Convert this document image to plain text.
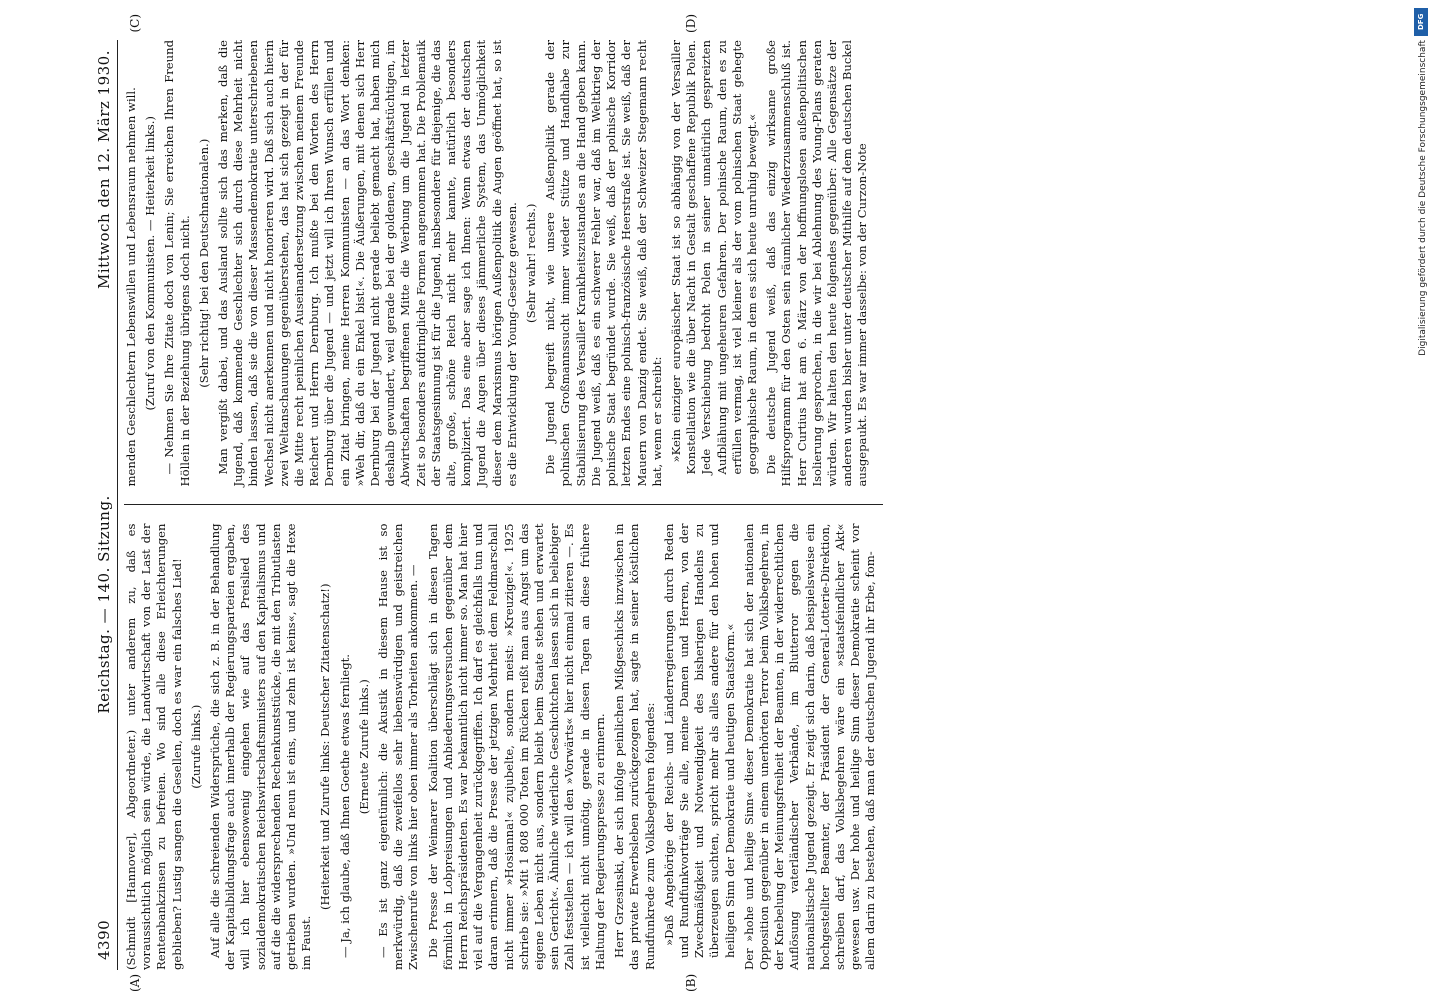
4390
Reichstag. — 140. Sitzung.
Mittwoch den 12. März 1930.
(A)	(B)
(C)	(D)

(Schmidt [Hannover], Abgeordneter.) unter anderem zu, daß es voraussichtlich möglich sein würde, die Landwirtschaft von der Last der Rentenbankzinsen zu befreien. Wo sind alle diese Erleichterungen geblieben? Lustig sangen die Gesellen, doch es war ein falsches Lied! (Zurufe links.) Auf alle die schreienden Widersprüche, die sich z. B. in der Behandlung der Kapitalbildungsfrage auch innerhalb der Regierungsparteien ergaben, will ich hier ebensowenig eingehen wie auf das Preislied des sozialdemokratischen Reichswirtschaftsministers auf den Kapitalismus und auf die die widersprechenden Rechenkunststücke, die mit den Tributlasten getrieben wurden. »Und neun ist eins, und zehn ist keins«, sagt die Hexe im Faust.

(Heiterkeit und Zurufe links: Deutscher Zitatenschatz!) — Ja, ich glaube, daß Ihnen Goethe etwas fernliegt. (Erneute Zurufe links.) — Es ist ganz eigentümlich: die Akustik in diesem Hause ist so merkwürdig, daß die zweifellos sehr liebenswürdigen und geistreichen Zwischenrufe von links hier oben immer als Torheiten ankommen. — Die Presse der Weimarer Koalition überschlägt sich in diesen Tagen förmlich in Lobpreisungen und Anbiederungsversuchen gegenüber dem Herrn Reichspräsidenten. Es war bekanntlich nicht immer so. Man hat hier viel auf die Vergangenheit zurückgegriffen. Ich darf es gleichfalls tun und daran erinnern, daß die Presse der jetzigen Mehrheit dem Feldmarschall nicht immer »Hosianna!« zujubelte, sondern meist: »Kreuzige!«. 1925 schrieb sie: »Mit 1 808 000 Toten im Rücken reißt man aus Angst um das eigene Leben nicht aus, sondern bleibt beim Staate stehen und erwartet sein Gericht«. Ähnliche widerliche Geschichtchen lassen sich in beliebiger Zahl feststellen — ich will den »Vorwärts« hier nicht einmal zitieren —. Es ist vielleicht nicht unnötig, gerade in diesen Tagen an diese frühere Haltung der Regierungspresse zu erinnern. Herr Grzesinski, der sich infolge peinlichen Mißgeschicks inzwischen in das private Erwerbsleben zurückgezogen hat, sagte in seiner köstlichen Rundfunkrede zum Volksbegehren folgendes: »Daß Angehörige der Reichs- und Länderregierungen durch Reden und Rundfunkvorträge Sie alle, meine Damen und Herren, von der Zweckmäßigkeit und Notwendigkeit des bisherigen Handelns zu überzeugen suchten, spricht mehr als alles andere für den hohen und heiligen Sinn der Demokratie und heutigen Staatsform.« Der »hohe und heilige Sinn« dieser Demokratie hat sich der nationalen Opposition gegenüber in einem unerhörten Terror beim Volksbegehren, in der Knebelung der Meinungsfreiheit der Beamten, in der widerrechtlichen Auflösung vaterländischer Verbände, im Blutterror gegen die nationalistische Jugend gezeigt. Er zeigt sich darin, daß beispielsweise ein hochgestellter Beamter, der Präsident der General-Lotterie-Direktion, schreiben darf, das Volksbegehren wäre ein »staatsfeindlicher Akt« gewesen usw. Der hohe und heilige Sinn dieser Demokratie scheint vor allem darin zu bestehen, daß man der deutschen Jugend ihr Erbe, fom-

menden Geschlechtern Lebenswillen und Lebensraum nehmen will. (Zuruf von den Kommunisten. — Heiterkeit links.) — Nehmen Sie Ihre Zitate doch von Lenin; Sie erreichen Ihren Freund Höllein in der Beziehung übrigens doch nicht. (Sehr richtig! bei den Deutschnationalen.) Man vergißt dabei, und das Ausland sollte sich das merken, daß die Jugend, daß kommende Geschlechter sich durch diese Mehrheit nicht binden lassen, daß sie die von dieser Massendemokratie unterschriebenen Wechsel nicht anerkennen und nicht honorieren wird. Daß sich auch hierin zwei Weltanschauungen gegenüberstehen, das hat sich gezeigt in der für die Mitte recht peinlichen Auseinandersetzung zwischen meinem Freunde Reichert und Herrn Dernburg. Ich mußte bei den Worten des Herrn Dernburg über die Jugend — und jetzt will ich Ihren Wunsch erfüllen und ein Zitat bringen, meine Herren Kommunisten — an das Wort denken: »Weh dir, daß du ein Enkel bist!«. Die Äußerungen, mit denen sich Herr Dernburg bei der Jugend nicht gerade beliebt gemacht hat, haben mich deshalb gewundert, weil gerade bei der goldenen, geschäftstüchtigen, im Abwirtschaften begriffenen Mitte die Werbung um die Jugend in letzter Zeit so besonders aufdringliche Formen angenommen hat. Die Problematik der Staatsgesinnung ist für die Jugend, insbesondere für diejenige, die das alte, große, schöne Reich nicht mehr kannte, natürlich besonders kompliziert. Das eine aber sage ich Ihnen: Wenn etwas der deutschen Jugend die Augen über dieses jämmerliche System, das Unmöglichkeit dieser dem Marxismus hörigen Außenpolitik die Augen geöffnet hat, so ist es die Entwicklung der Young-Gesetze gewesen. (Sehr wahr! rechts.) Die Jugend begreift nicht, wie unsere Außenpolitik gerade der polnischen Großmannssucht immer wieder Stütze und Handhabe zur Stabilisierung des Versailler Krankheitszustandes an die Hand geben kann. Die Jugend weiß, daß es ein schwerer Fehler war, daß im Weltkrieg der polnische Staat begründet wurde. Sie weiß, daß der polnische Korridor letzten Endes eine polnisch-französische Heerstraße ist. Sie weiß, daß der Mauern von Danzig endet. Sie weiß, daß der Schweizer Stegemann recht hat, wenn er schreibt: »Kein einziger europäischer Staat ist so abhängig von der Versailler Konstellation wie die über Nacht in Gestalt geschaffene Republik Polen. Jede Verschiebung bedroht Polen in seiner unnatürlich gespreizten Aufblähung mit ungeheuren Gefahren. Der polnische Raum, den es zu erfüllen vermag, ist viel kleiner als der vom polnischen Staat gehegte geographische Raum, in dem es sich heute unruhig bewegt.« Die deutsche Jugend weiß, daß das einzig wirksame große Hilfsprogramm für den Osten sein räumlicher Wiederzusammenschluß ist. Herr Curtius hat am 6. März von der hoffnungslosen außenpolitischen Isolierung gesprochen, in die wir bei Ablehnung des Young-Plans geraten würden. Wir halten den heute folgendes gegenüber: Alle Gegensätze der anderen wurden bisher unter deutscher Mithilfe auf dem deutschen Buckel ausgepaukt. Es war immer dasselbe: von der Curzon-Note

DFG
Digitalisierung gefördert durch die Deutsche Forschungsgemeinschaft
